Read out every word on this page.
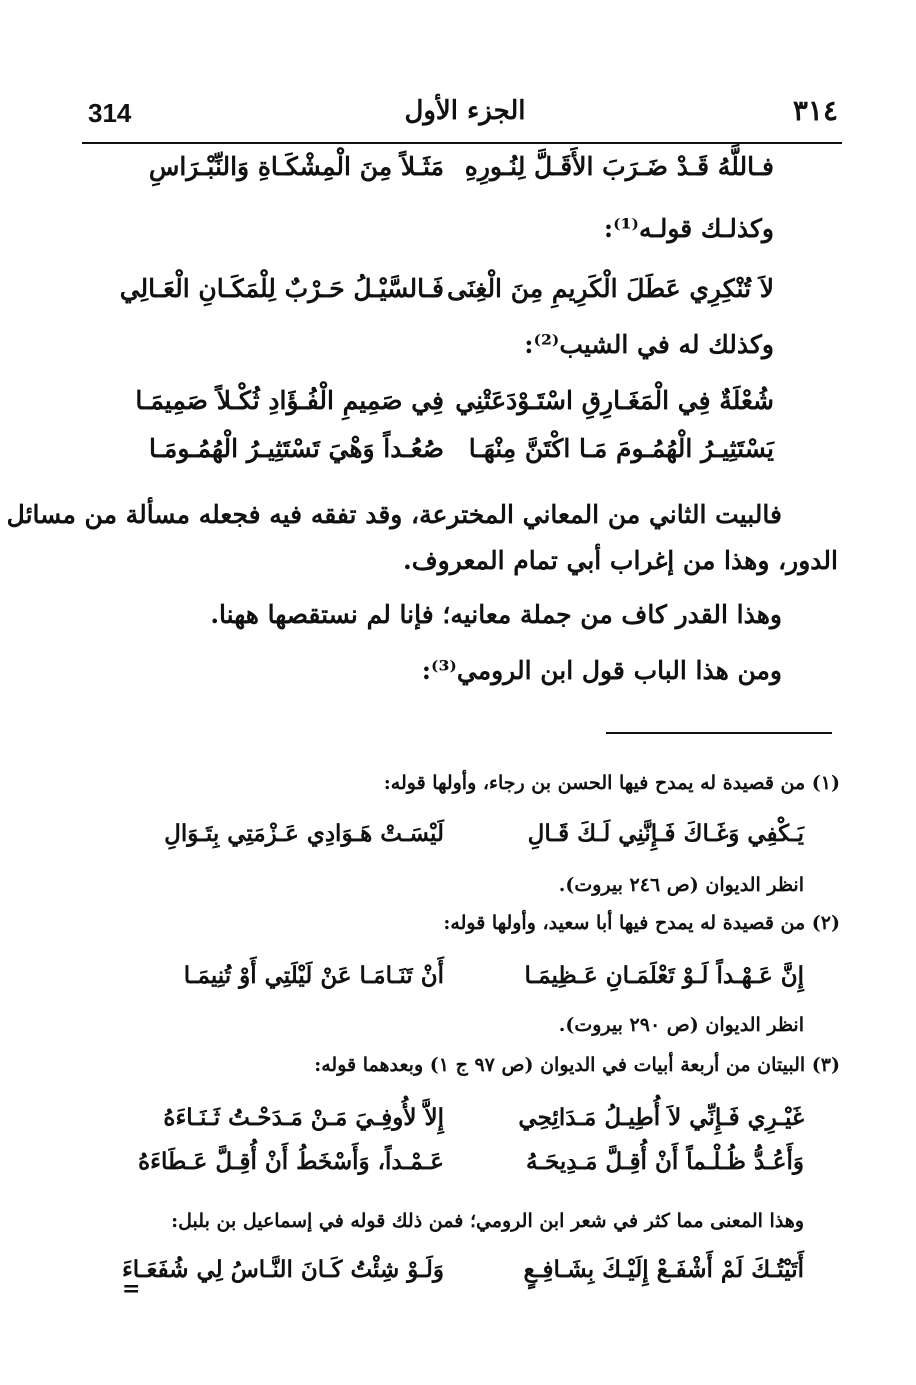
314	الجزء الأول	٣١٤
فـاللَّهُ قَـدْ ضَـرَبَ الأَقَـلَّ لِنُـورِهِ
مَثَـلاً مِنَ الْمِشْكَـاةِ وَالنِّبْـرَاسِ
وكذلـك قولـه⁽¹⁾:
لاَ تُنْكِرِي عَطَلَ الْكَرِيمِ مِنَ الْغِنَى
فَـالسَّيْـلُ حَـرْبٌ لِلْمَكَـانِ الْعَـالِي
وكذلك له في الشيب⁽²⁾:
شُعْلَةٌ فِي الْمَغَـارِقِ اسْتَـوْدَعَتْنِي
فِي صَمِيمِ الْفُـؤَادِ ثُكْـلاً صَمِيمَـا
يَسْتَثِيـرُ الْهُمُـومَ مَـا اكْتَنَّ مِنْهَـا
صُعُـداً وَهْيَ تَسْتَثِيـرُ الْهُمُـومَـا
فالبيت الثاني من المعاني المخترعة، وقد تفقه فيه فجعله مسألة من مسائل
الدور، وهذا من إغراب أبي تمام المعروف.
وهذا القدر كاف من جملة معانيه؛ فإنا لم نستقصها ههنا.
ومن هذا الباب قول ابن الرومي⁽³⁾:
(١) من قصيدة له يمدح فيها الحسن بن رجاء، وأولها قوله:
يَـكْفِي وَغَـاكَ فَـإِنَّنِي لَـكَ قَـالِ
لَيْسَـتْ هَـوَادِي عَـزْمَتِي بِتَـوَالِ
انظر الديوان (ص ٢٤٦ بيروت).
(٢) من قصيدة له يمدح فيها أبا سعيد، وأولها قوله:
إِنَّ عَـهْـداً لَـوْ تَعْلَمَـانِ عَـظِيمَـا
أَنْ تَنَـامَـا عَنْ لَيْلَتِي أَوْ تُنِيمَـا
انظر الديوان (ص ٢٩٠ بيروت).
(٣) البيتان من أربعة أبيات في الديوان (ص ٩٧ ج ١) وبعدهما قوله:
غَيْـرِي فَـإِنِّي لاَ أُطِيـلُ مَـدَائِحِي
إِلاَّ لأُوفِـيَ مَـنْ مَـدَحْـتُ ثَـنَـاءَهُ
وَأَعُـدُّ ظُـلْـماً أَنْ أُقِـلَّ مَـدِيحَـهُ
عَـمْـداً، وَأَسْخَطُ أَنْ أُقِـلَّ عَـطَاءَهُ
وهذا المعنى مما كثر في شعر ابن الرومي؛ فمن ذلك قوله في إسماعيل بن بلبل:
أَتَيْتُـكَ لَمْ أَشْفَـعْ إِلَيْـكَ بِشَـافِـعٍ
وَلَـوْ شِئْتُ كَـانَ النَّـاسُ لِي شُفَعَـاءَ
=
